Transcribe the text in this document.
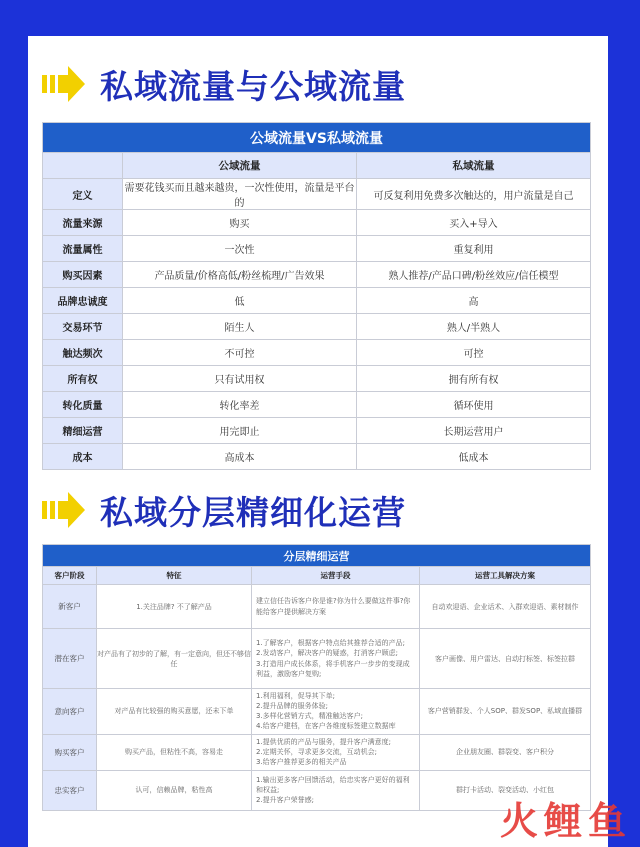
私域流量与公域流量
公域流量VS私域流量		
	公域流量	私域流量
定义	需要花钱买而且越来越贵，一次性使用，流量是平台的	可反复利用免费多次触达的，用户流量是自己
流量来源	购买	买入+导入
流量属性	一次性	重复利用
购买因素	产品质量/价格高低/粉丝梳理/广告效果	熟人推荐/产品口碑/粉丝效应/信任模型
品牌忠诚度	低	高
交易环节	陌生人	熟人/半熟人
触达频次	不可控	可控
所有权	只有试用权	拥有所有权
转化质量	转化率差	循环使用
精细运营	用完即止	长期运营用户
成本	高成本	低成本
私域分层精细化运营
分层精细运营			
客户阶段	特征	运营手段	运营工具解决方案
新客户	1.关注品牌? 不了解产品	建立信任告诉客户你是谁?你为什么要做这件事?你能给客户提供解决方案	自动欢迎语、企业话术、入群欢迎语、素材制作
潜在客户	对产品有了初步的了解，有一定意向，但还不够信任	1.了解客户，根据客户特点给其推荐合适的产品;
2.发动客户，解决客户的疑惑，打消客户顾虑;
3.打造用户成长体系，将手机客户一步步的变现成利益，激励客户复购;	客户画像、用户雷达、自动打标签、标签拉群
意向客户	对产品有比较强的购买意愿，还未下单	1.利用福利，促导其下单;
2.提升品牌的服务体验;
3.多样化营销方式，精准触达客户;
4.给客户建档，在客户各维度标签建立数据库	客户营销群发、个人SOP、群发SOP、私域直播群
购买客户	购买产品，但粘性不高，容易走	1.提供优质的产品与服务，提升客户满意度;
2.定期关怀，寻求更多交流，互动机会;
3.给客户推荐更多的相关产品	企业朋友圈、群裂变、客户积分
忠实客户	认可，信赖品牌，粘性高	1.输出更多客户回馈活动，给忠实客户更好的福利和权益;
2.提升客户荣誉感;	群打卡活动、裂变活动、小红包
火鲤鱼
